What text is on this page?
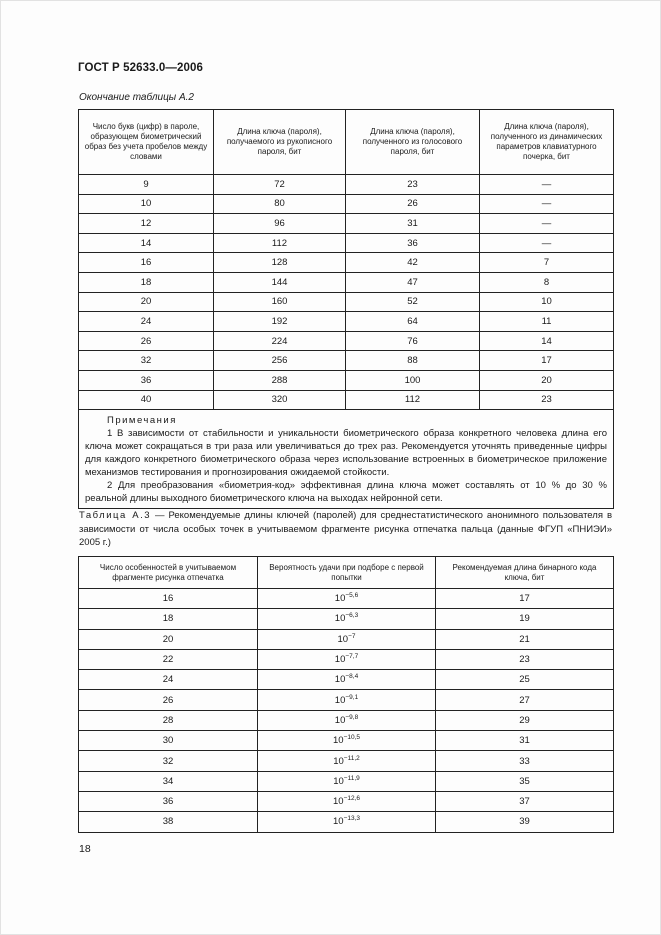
ГОСТ Р 52633.0—2006
Окончание таблицы А.2
Число букв (цифр) в пароле, образующем биометрический образ без учета пробелов между словами	Длина ключа (пароля), получаемого из рукописного пароля, бит	Длина ключа (пароля), полученного из голосового пароля, бит	Длина ключа (пароля), полученного из динамических параметров клавиатурного почерка, бит
9	72	23	—
10	80	26	—
12	96	31	—
14	112	36	—
16	128	42	7
18	144	47	8
20	160	52	10
24	192	64	11
26	224	76	14
32	256	88	17
36	288	100	20
40	320	112	23

Примечания

1 В зависимости от стабильности и уникальности биометрического образа конкретного человека длина его ключа может сокращаться в три раза или увеличиваться до трех раз. Рекомендуется уточнять приведенные цифры для каждого конкретного биометрического образа через использование встроенных в биометрическое приложение механизмов тестирования и прогнозирования ожидаемой стойкости.

2 Для преобразования «биометрия-код» эффективная длина ключа может составлять от 10 % до 30 % реальной длины выходного биометрического ключа на выходах нейронной сети.			

Таблица А.3 — Рекомендуемые длины ключей (паролей) для среднестатистического анонимного пользователя в зависимости от числа особых точек в учитываемом фрагменте рисунка отпечатка пальца (данные ФГУП «ПНИЭИ» 2005 г.)
Число особенностей в учитываемом фрагменте рисунка отпечатка	Вероятность удачи при подборе с первой попытки	Рекомендуемая длина бинарного кода ключа, бит
16	$10^{-5,6}$	17
18	$10^{-6,3}$	19
20	$10^{-7}$	21
22	$10^{-7,7}$	23
24	$10^{-8,4}$	25
26	$10^{-9,1}$	27
28	$10^{-9,8}$	29
30	$10^{-10,5}$	31
32	$10^{-11,2}$	33
34	$10^{-11,9}$	35
36	$10^{-12,6}$	37
38	$10^{-13,3}$	39
18
